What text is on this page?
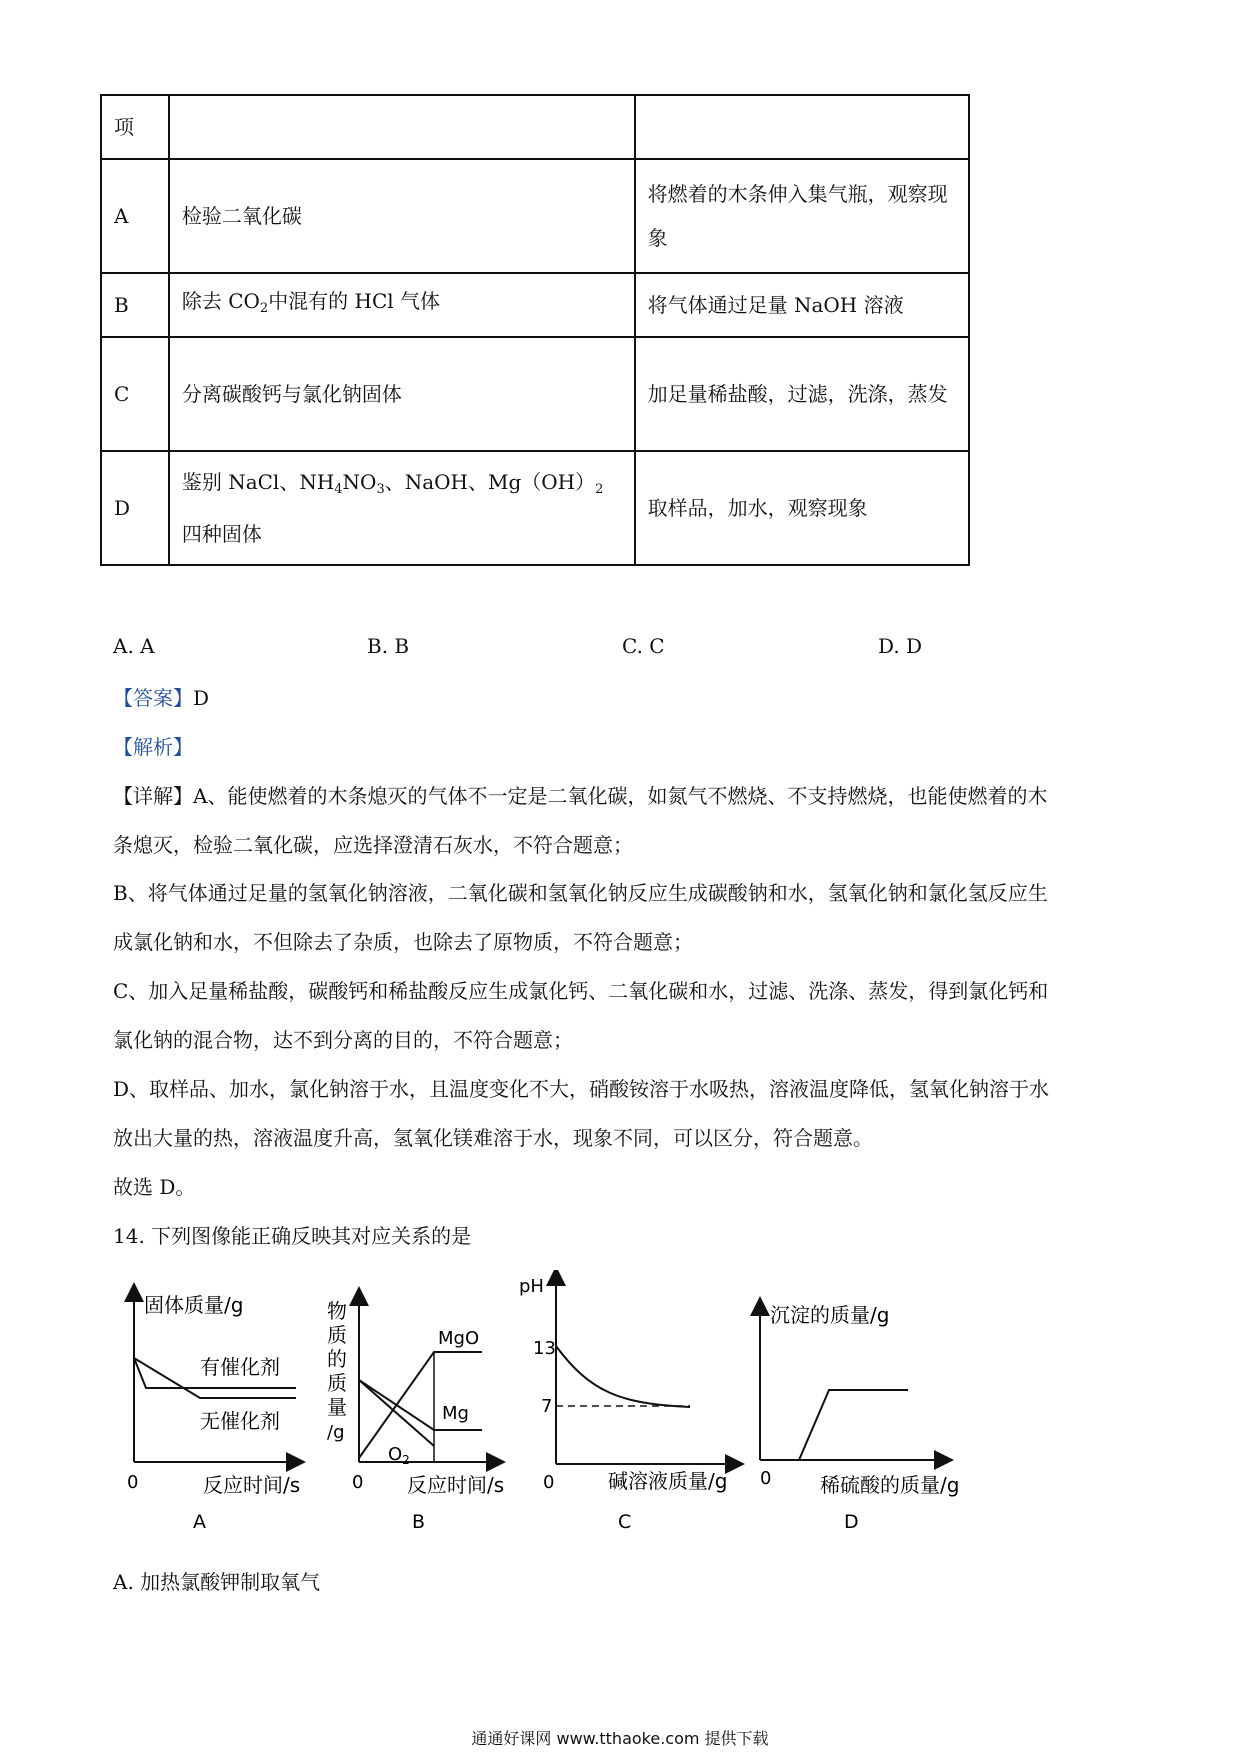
项		
A	检验二氧化碳	将燃着的木条伸入集气瓶，观察现象
B	除去 $CO_2$中混有的 HCl 气体	将气体通过足量 NaOH 溶液
C	分离碳酸钙与氯化钠固体	加足量稀盐酸，过滤，洗涤，蒸发
D	鉴别 NaCl、$NH_4NO_3$、NaOH、$Mg(OH)_2$四种固体	取样品，加水，观察现象
A. A	B. B	C. C	D. D
【答案】D
【解析】
【详解】A、能使燃着的木条熄灭的气体不一定是二氧化碳，如氮气不燃烧、不支持燃烧，也能使燃着的木
条熄灭，检验二氧化碳，应选择澄清石灰水，不符合题意；
B、将气体通过足量的氢氧化钠溶液，二氧化碳和氢氧化钠反应生成碳酸钠和水，氢氧化钠和氯化氢反应生
成氯化钠和水，不但除去了杂质，也除去了原物质，不符合题意；
C、加入足量稀盐酸，碳酸钙和稀盐酸反应生成氯化钙、二氧化碳和水，过滤、洗涤、蒸发，得到氯化钙和
氯化钠的混合物，达不到分离的目的，不符合题意；
D、取样品、加水，氯化钠溶于水，且温度变化不大，硝酸铵溶于水吸热，溶液温度降低，氢氧化钠溶于水
放出大量的热，溶液温度升高，氢氧化镁难溶于水，现象不同，可以区分，符合题意。
故选 D。
14. 下列图像能正确反映其对应关系的是
固体质量/g
反应时间/s
0
有催化剂
无催化剂
A
物
质
的
质
量
/g
反应时间/s
0
MgO
Mg
$O_2$
B
pH
13
7
碱溶液质量/g
0
C
沉淀的质量/g
稀硫酸的质量/g
0
D
A. 加热氯酸钾制取氧气
通通好课网 www.tthaoke.com 提供下载
